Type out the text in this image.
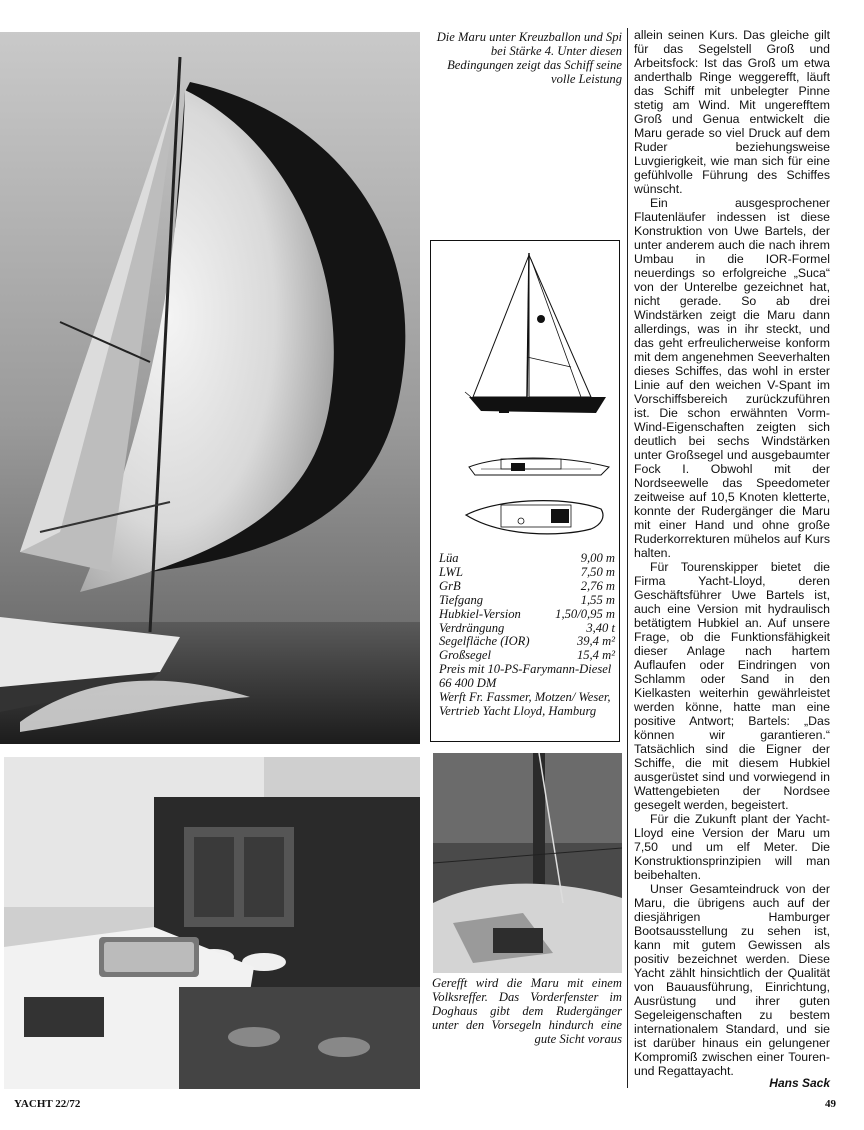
Die Maru unter Kreuzballon und Spi bei Stärke 4. Unter diesen Bedingungen zeigt das Schiff seine volle Leistung

Lüa	9,00 m
LWL	7,50 m
GrB	2,76 m
Tiefgang	1,55 m
Hubkiel-Version	1,50/0,95 m
Verdrängung	3,40 t
Segelfläche (IOR)	39,4 m²
Großsegel	15,4 m²
Preis mit 10-PS-Farymann-Diesel 66 400 DM
Werft Fr. Fassmer, Motzen/ Weser,
Vertrieb Yacht Lloyd, Hamburg

Gerefft wird die Maru mit einem Volksreffer. Das Vorderfenster im Doghaus gibt dem Rudergänger unter den Vorsegeln hindurch eine gute Sicht voraus

allein seinen Kurs. Das gleiche gilt für das Segelstell Groß und Arbeitsfock: Ist das Groß um etwa anderthalb Ringe weggerefft, läuft das Schiff mit unbelegter Pinne stetig am Wind. Mit ungerefftem Groß und Genua entwickelt die Maru gerade so viel Druck auf dem Ruder beziehungsweise Luvgierigkeit, wie man sich für eine gefühlvolle Führung des Schiffes wünscht.

Ein ausgesprochener Flautenläufer indessen ist diese Konstruktion von Uwe Bartels, der unter anderem auch die nach ihrem Umbau in die IOR-Formel neuerdings so erfolgreiche „Suca“ von der Unterelbe gezeichnet hat, nicht gerade. So ab drei Windstärken zeigt die Maru dann allerdings, was in ihr steckt, und das geht erfreulicherweise konform mit dem angenehmen Seeverhalten dieses Schiffes, das wohl in erster Linie auf den weichen V-Spant im Vorschiffsbereich zurückzuführen ist. Die schon erwähnten Vorm-Wind-Eigenschaften zeigten sich deutlich bei sechs Windstärken unter Großsegel und ausgebaumter Fock I. Obwohl mit der Nordseewelle das Speedometer zeitweise auf 10,5 Knoten kletterte, konnte der Rudergänger die Maru mit einer Hand und ohne große Ruderkorrekturen mühelos auf Kurs halten.

Für Tourenskipper bietet die Firma Yacht-Lloyd, deren Geschäftsführer Uwe Bartels ist, auch eine Version mit hydraulisch betätigtem Hubkiel an. Auf unsere Frage, ob die Funktionsfähigkeit dieser Anlage nach hartem Auflaufen oder Eindringen von Schlamm oder Sand in den Kielkasten weiterhin gewährleistet werden könne, hatte man eine positive Antwort; Bartels: „Das können wir garantieren.“ Tatsächlich sind die Eigner der Schiffe, die mit diesem Hubkiel ausgerüstet sind und vorwiegend in Wattengebieten der Nordsee gesegelt werden, begeistert.

Für die Zukunft plant der Yacht-Lloyd eine Version der Maru um 7,50 und um elf Meter. Die Konstruktionsprinzipien will man beibehalten.

Unser Gesamteindruck von der Maru, die übrigens auch auf der diesjährigen Hamburger Bootsausstellung zu sehen ist, kann mit gutem Gewissen als positiv bezeichnet werden. Diese Yacht zählt hinsichtlich der Qualität von Bauausführung, Einrichtung, Ausrüstung und ihrer guten Segeleigenschaften zu bestem internationalem Standard, und sie ist darüber hinaus ein gelungener Kompromiß zwischen einer Touren- und Regattayacht.

Hans Sack
YACHT 22/72	49
